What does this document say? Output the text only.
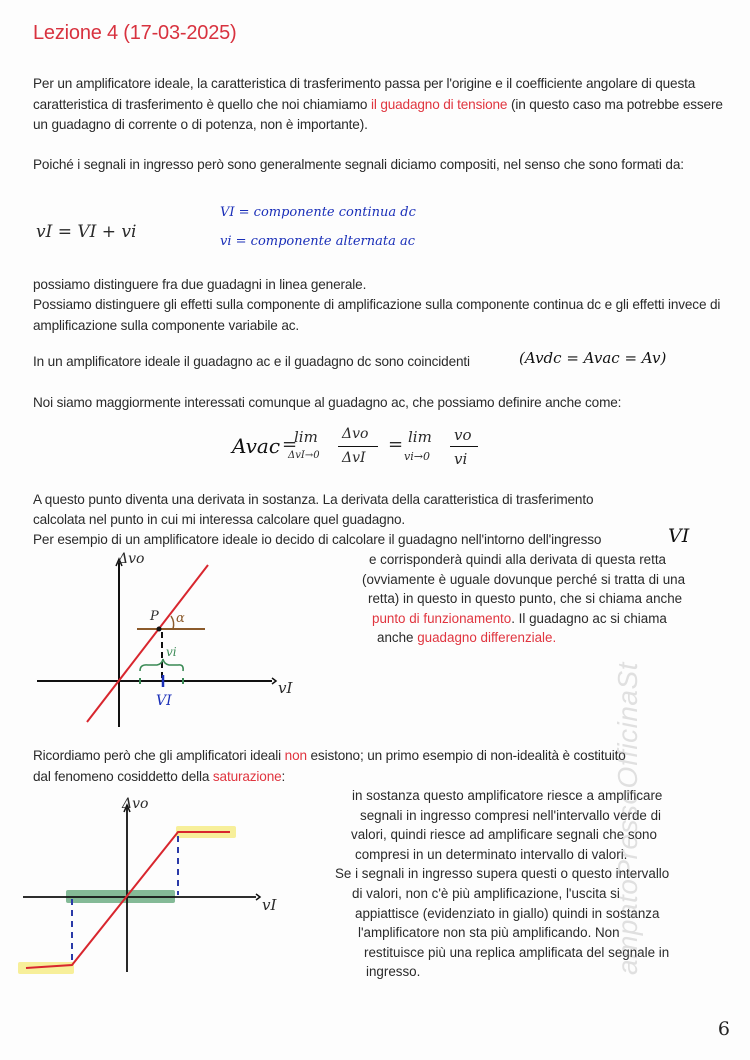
Lezione 4 (17-03-2025)
Per un amplificatore ideale, la caratteristica di trasferimento passa per l'origine e il coefficiente angolare di questa caratteristica di trasferimento è quello che noi chiamiamo il guadagno di tensione (in questo caso ma potrebbe essere un guadagno di corrente o di potenza, non è importante).
Poiché i segnali in ingresso però sono generalmente segnali diciamo compositi, nel senso che sono formati da:
vI = VI + vi
VI = componente continua dc
vi = componente alternata ac
possiamo distinguere fra due guadagni in linea generale.
Possiamo distinguere gli effetti sulla componente di amplificazione sulla componente continua dc e gli effetti invece di amplificazione sulla componente variabile ac.
In un amplificatore ideale il guadagno ac e il guadagno dc sono coincidenti	(Avdc = Avac = Av)
Noi siamo maggiormente interessati comunque al guadagno ac, che possiamo definire anche come:
Avac =
lim
ΔvI→0
Δvo
ΔvI
= lim
vi→0
vo
vi
A questo punto diventa una derivata in sostanza. La derivata della caratteristica di trasferimento
calcolata nel punto in cui mi interessa calcolare quel guadagno.
Per esempio di un amplificatore ideale io decido di calcolare il guadagno nell'intorno dell'ingresso	VI
Δvo
vI
P α
vi
VI
e corrisponderà quindi alla derivata di questa retta
(ovviamente è uguale dovunque perché si tratta di una
retta) in questo in questo punto, che si chiama anche
punto di funzionamento. Il guadagno ac si chiama
anche guadagno differenziale.
Ricordiamo però che gli amplificatori ideali non esistono; un primo esempio di non-idealità è costituito
dal fenomeno cosiddetto della saturazione:
Δvo
vI
in sostanza questo amplificatore riesce a amplificare
segnali in ingresso compresi nell'intervallo verde di
valori, quindi riesce ad amplificare segnali che sono
compresi in un determinato intervallo di valori.
Se i segnali in ingresso supera questi o questo intervallo
di valori, non c'è più amplificazione, l'uscita si
appiattisce (evidenziato in giallo) quindi in sostanza
l'amplificatore non sta più amplificando. Non
restituisce più una replica amplificata del segnale in
ingresso.	ampatoPressoOfficinaSt
6
